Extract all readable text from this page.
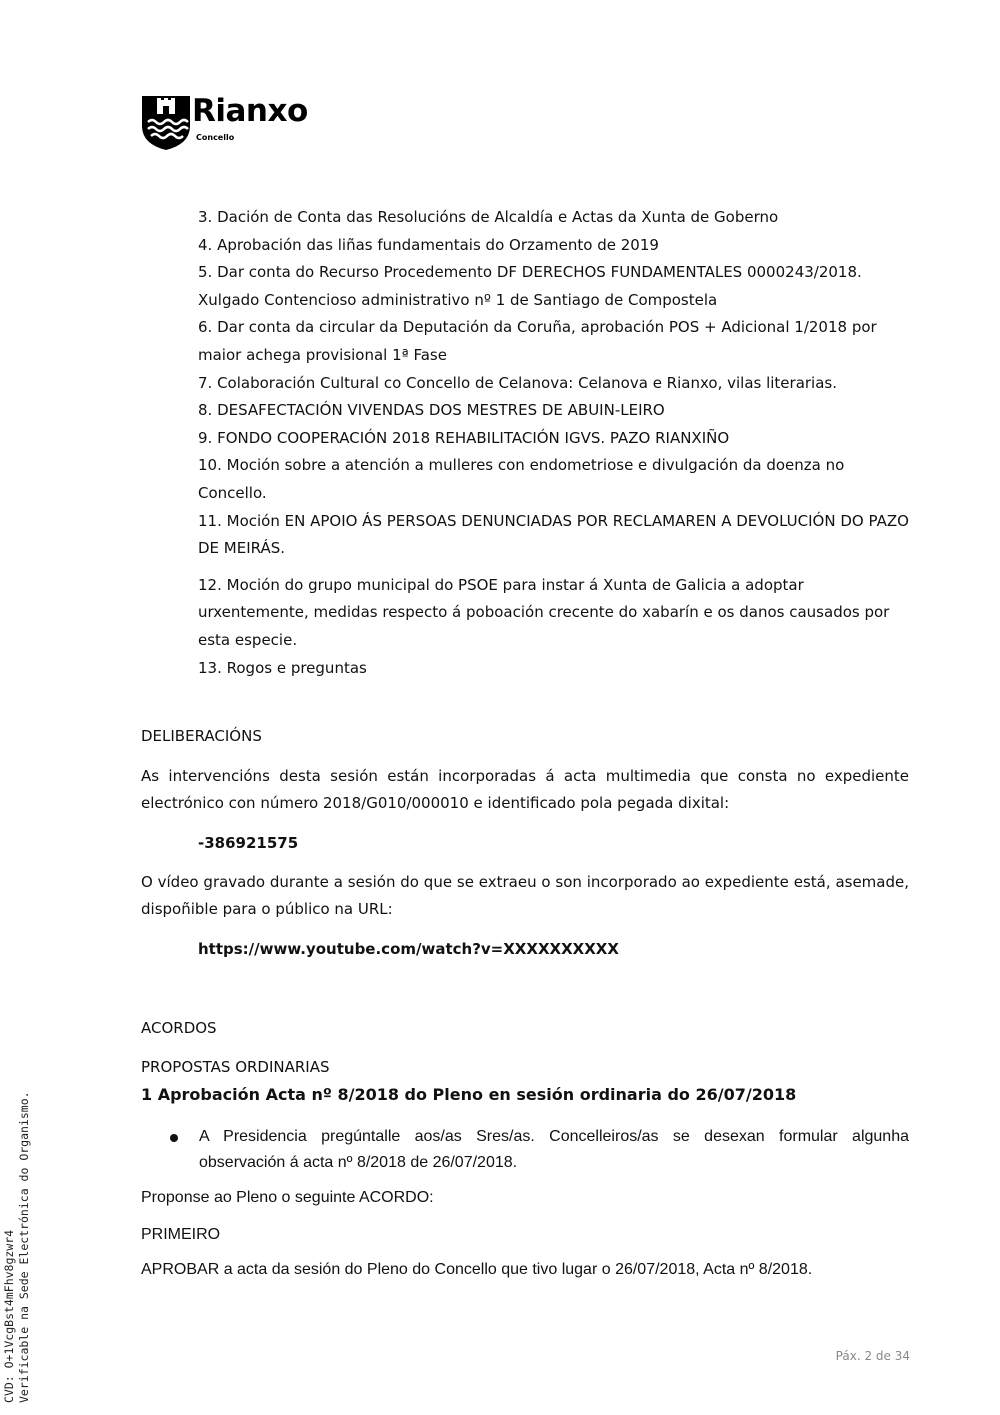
Rianxo
Concello

3. Dación de Conta das Resolucións de Alcaldía e Actas da Xunta de Goberno

4. Aprobación das liñas fundamentais do Orzamento de 2019

5. Dar conta do Recurso Procedemento DF DERECHOS FUNDAMENTALES 0000243/2018. Xulgado Contencioso administrativo nº 1 de Santiago de Compostela

6. Dar conta da circular da Deputación da Coruña, aprobación POS + Adicional 1/2018 por maior achega provisional 1ª Fase

7. Colaboración Cultural co Concello de Celanova: Celanova e Rianxo, vilas literarias.

8. DESAFECTACIÓN VIVENDAS DOS MESTRES DE ABUIN-LEIRO

9. FONDO COOPERACIÓN 2018 REHABILITACIÓN IGVS. PAZO RIANXIÑO

10. Moción sobre a atención a mulleres con endometriose e divulgación da doenza no Concello.

11. Moción EN APOIO ÁS PERSOAS DENUNCIADAS POR RECLAMAREN A DEVOLUCIÓN DO PAZO DE MEIRÁS.

12. Moción do grupo municipal do PSOE para instar á Xunta de Galicia a adoptar urxentemente, medidas respecto á poboación crecente do xabarín e os danos causados por esta especie.

13. Rogos e preguntas

DELIBERACIÓNS

As intervencións desta sesión están incorporadas á acta multimedia que consta no expediente electrónico con número 2018/G010/000010 e identificado pola pegada dixital:

-386921575

O vídeo gravado durante a sesión do que se extraeu o son incorporado ao expediente está, asemade, dispoñible para o público na URL:

https://www.youtube.com/watch?v=XXXXXXXXXX

ACORDOS

PROPOSTAS ORDINARIAS

1 Aprobación Acta nº 8/2018 do Pleno en sesión ordinaria do 26/07/2018

A Presidencia pregúntalle aos/as Sres/as. Concelleiros/as se desexan formular algunha observación á acta nº 8/2018 de 26/07/2018.

Proponse ao Pleno o seguinte ACORDO:

PRIMEIRO

APROBAR a acta da sesión do Pleno do Concello que tivo lugar o 26/07/2018, Acta nº 8/2018.

Páx. 2 de 34
CVD: O+1VcgBst4mFhv8gzwr4 Verificable na Sede Electrónica do Organismo.
